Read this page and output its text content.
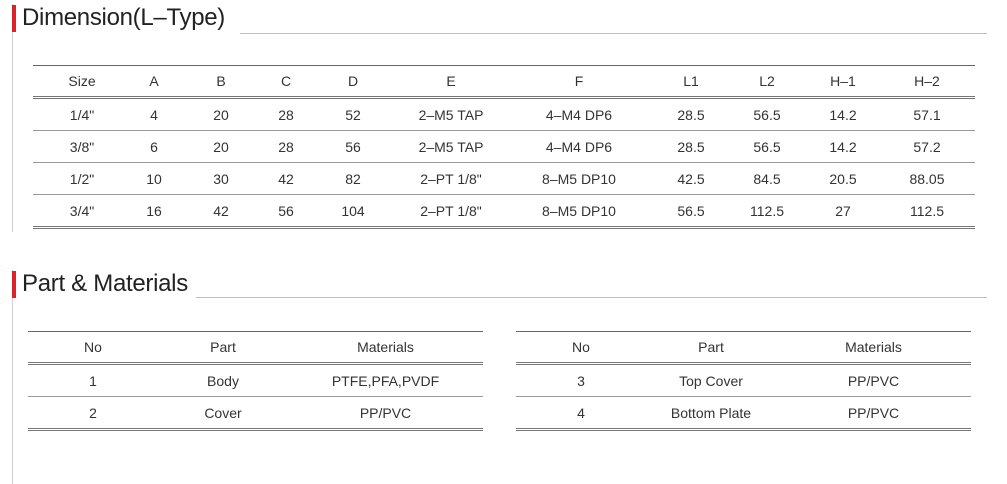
Dimension(L–Type)
Size	A	B	C	D	E	F	L1	L2	H–1	H–2
1/4"	4	20	28	52	2–M5 TAP	4–M4 DP6	28.5	56.5	14.2	57.1
3/8"	6	20	28	56	2–M5 TAP	4–M4 DP6	28.5	56.5	14.2	57.2
1/2"	10	30	42	82	2–PT 1/8"	8–M5 DP10	42.5	84.5	20.5	88.05
3/4"	16	42	56	104	2–PT 1/8"	8–M5 DP10	56.5	112.5	27	112.5
Part & Materials
No	Part	Materials
1	Body	PTFE,PFA,PVDF
2	Cover	PP/PVC
No	Part	Materials
3	Top Cover	PP/PVC
4	Bottom Plate	PP/PVC
